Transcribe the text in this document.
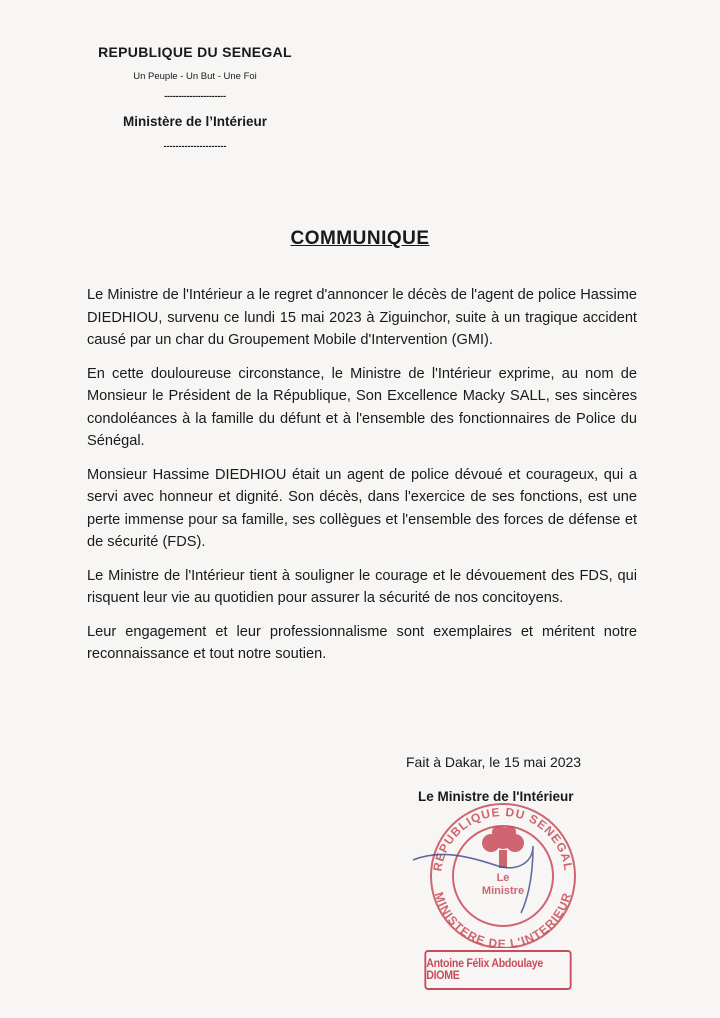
REPUBLIQUE DU SENEGAL
Un Peuple - Un But - Une Foi
----------------------
Ministère de l’Intérieur
---------------------
COMMUNIQUE

Le Ministre de l'Intérieur a le regret d'annoncer le décès de l'agent de police Hassime DIEDHIOU, survenu ce lundi 15 mai 2023 à Ziguinchor, suite à un tragique accident causé par un char du Groupement Mobile d'Intervention (GMI).

En cette douloureuse circonstance, le Ministre de l'Intérieur exprime, au nom de Monsieur le Président de la République, Son Excellence Macky SALL, ses sincères condoléances à la famille du défunt et à l'ensemble des fonctionnaires de Police du Sénégal.

Monsieur Hassime DIEDHIOU était un agent de police dévoué et courageux, qui a servi avec honneur et dignité. Son décès, dans l'exercice de ses fonctions, est une perte immense pour sa famille, ses collègues et l'ensemble des forces de défense et de sécurité (FDS).

Le Ministre de l'Intérieur tient à souligner le courage et le dévouement des FDS, qui risquent leur vie au quotidien pour assurer la sécurité de nos concitoyens.

Leur engagement et leur professionnalisme sont exemplaires et méritent notre reconnaissance et tout notre soutien.

Fait à Dakar, le 15 mai 2023
REPUBLIQUE DU SENEGAL
MINISTERE DE L'INTERIEUR
Le
Ministre
Le Ministre de l'Intérieur
Antoine Félix Abdoulaye DIOME
